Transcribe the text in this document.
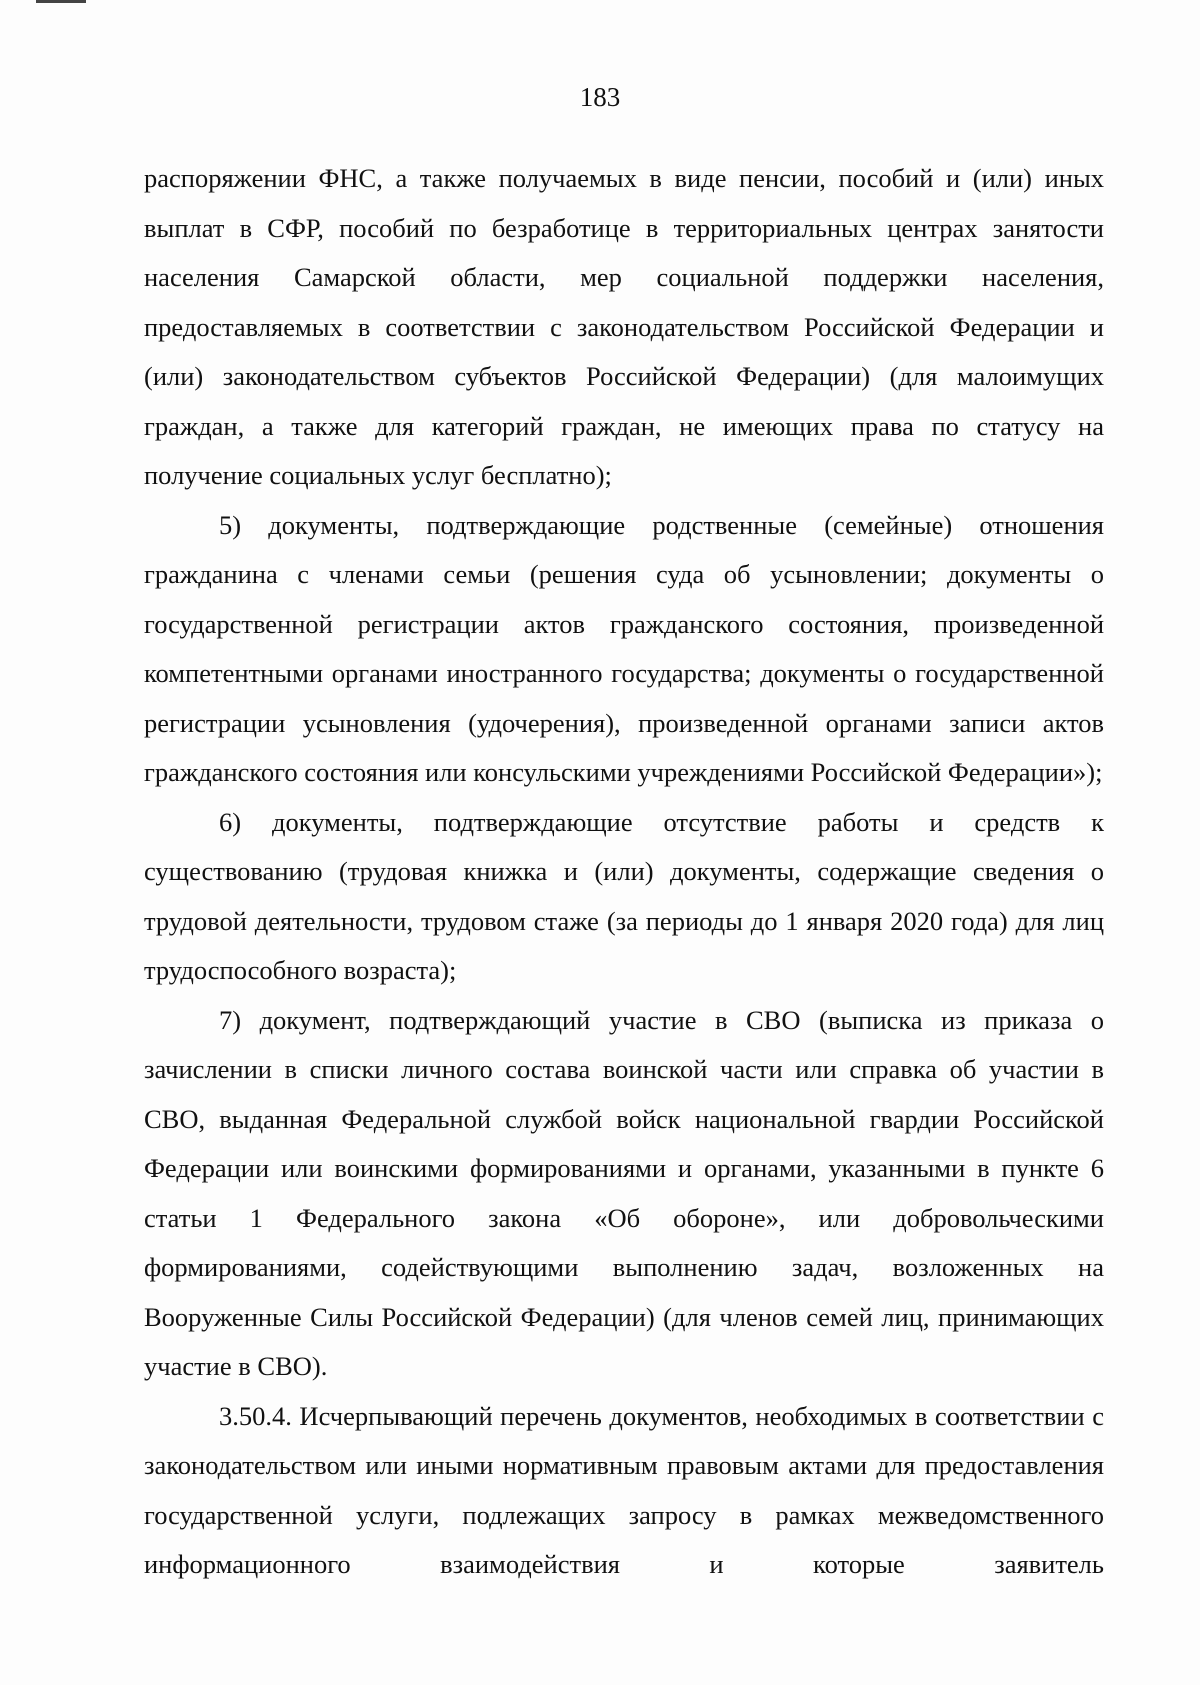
183

распоряжении ФНС, а также получаемых в виде пенсии, пособий и (или) иных выплат в СФР, пособий по безработице в территориальных центрах занятости населения Самарской области, мер социальной поддержки населения, предоставляемых в соответствии с законодательством Российской Федерации и (или) законодательством субъектов Российской Федерации) (для малоимущих граждан, а также для категорий граждан, не имеющих права по статусу на получение социальных услуг бесплатно);

5) документы, подтверждающие родственные (семейные) отношения гражданина с членами семьи (решения суда об усыновлении; документы о государственной регистрации актов гражданского состояния, произведенной компетентными органами иностранного государства; документы о государственной регистрации усыновления (удочерения), произведенной органами записи актов гражданского состояния или консульскими учреждениями Российской Федерации»);

6) документы, подтверждающие отсутствие работы и средств к существованию (трудовая книжка и (или) документы, содержащие сведения о трудовой деятельности, трудовом стаже (за периоды до 1 января 2020 года) для лиц трудоспособного возраста);

7) документ, подтверждающий участие в СВО (выписка из приказа о зачислении в списки личного состава воинской части или справка об участии в СВО, выданная Федеральной службой войск национальной гвардии Российской Федерации или воинскими формированиями и органами, указанными в пункте 6 статьи 1 Федерального закона «Об обороне», или добровольческими формированиями, содействующими выполнению задач, возложенных на Вооруженные Силы Российской Федерации) (для членов семей лиц, принимающих участие в СВО).

3.50.4. Исчерпывающий перечень документов, необходимых в соответствии с законодательством или иными нормативным правовым актами для предоставления государственной услуги, подлежащих запросу в рамках межведомственного информационного взаимодействия и которые заявитель
